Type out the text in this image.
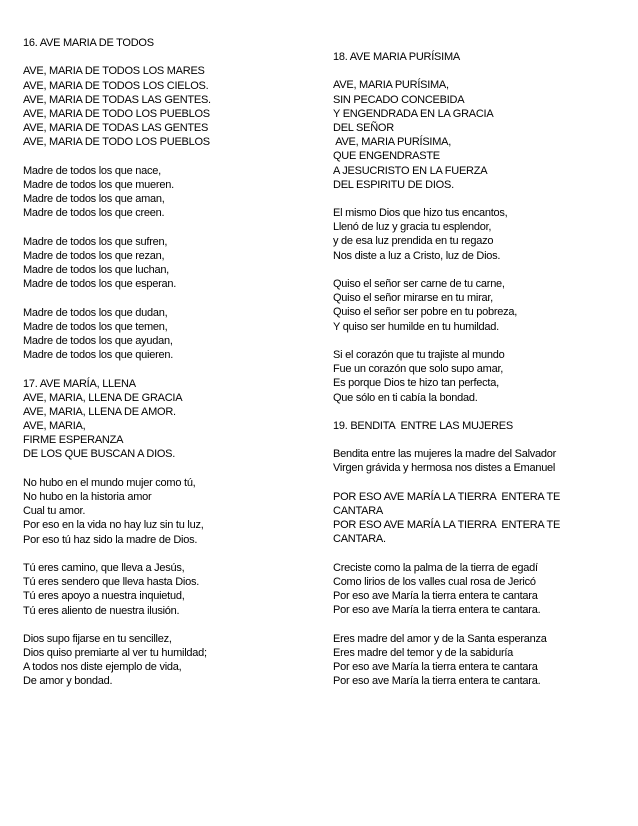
16. AVE MARIA DE TODOS
AVE, MARIA DE TODOS LOS MARES
AVE, MARIA DE TODOS LOS CIELOS.
AVE, MARIA DE TODAS LAS GENTES.
AVE, MARIA DE TODO LOS PUEBLOS
AVE, MARIA DE TODAS LAS GENTES
AVE, MARIA DE TODO LOS PUEBLOS
Madre de todos los que nace,
Madre de todos los que mueren.
Madre de todos los que aman,
Madre de todos los que creen.
Madre de todos los que sufren,
Madre de todos los que rezan,
Madre de todos los que luchan,
Madre de todos los que esperan.
Madre de todos los que dudan,
Madre de todos los que temen,
Madre de todos los que ayudan,
Madre de todos los que quieren.
17. AVE MARÍA, LLENA
AVE, MARIA, LLENA DE GRACIA
AVE, MARIA, LLENA DE AMOR.
AVE, MARIA,
FIRME ESPERANZA
DE LOS QUE BUSCAN A DIOS.
No hubo en el mundo mujer como tú,
No hubo en la historia amor
Cual tu amor.
Por eso en la vida no hay luz sin tu luz,
Por eso tú haz sido la madre de Dios.
Tú eres camino, que lleva a Jesús,
Tú eres sendero que lleva hasta Dios.
Tú eres apoyo a nuestra inquietud,
Tú eres aliento de nuestra ilusión.
Dios supo fijarse en tu sencillez,
Dios quiso premiarte al ver tu humildad;
A todos nos diste ejemplo de vida,
De amor y bondad.
18. AVE MARIA PURÍSIMA
AVE, MARIA PURÍSIMA,
SIN PECADO CONCEBIDA
Y ENGENDRADA EN LA GRACIA
DEL SEÑOR
AVE, MARIA PURÍSIMA,
QUE ENGENDRASTE
A JESUCRISTO EN LA FUERZA
DEL ESPIRITU DE DIOS.
El mismo Dios que hizo tus encantos,
Llenó de luz y gracia tu esplendor,
y de esa luz prendida en tu regazo
Nos diste a luz a Cristo, luz de Dios.
Quiso el señor ser carne de tu carne,
Quiso el señor mirarse en tu mirar,
Quiso el señor ser pobre en tu pobreza,
Y quiso ser humilde en tu humildad.
Si el corazón que tu trajiste al mundo
Fue un corazón que solo supo amar,
Es porque Dios te hizo tan perfecta,
Que sólo en ti cabía la bondad.
19. BENDITA  ENTRE LAS MUJERES
Bendita entre las mujeres la madre del Salvador
Virgen grávida y hermosa nos distes a Emanuel
POR ESO AVE MARÍA LA TIERRA  ENTERA TE
CANTARA
POR ESO AVE MARÍA LA TIERRA  ENTERA TE
CANTARA.
Creciste como la palma de la tierra de egadí
Como lirios de los valles cual rosa de Jericó
Por eso ave María la tierra entera te cantara
Por eso ave María la tierra entera te cantara.
Eres madre del amor y de la Santa esperanza
Eres madre del temor y de la sabiduría
Por eso ave María la tierra entera te cantara
Por eso ave María la tierra entera te cantara.
